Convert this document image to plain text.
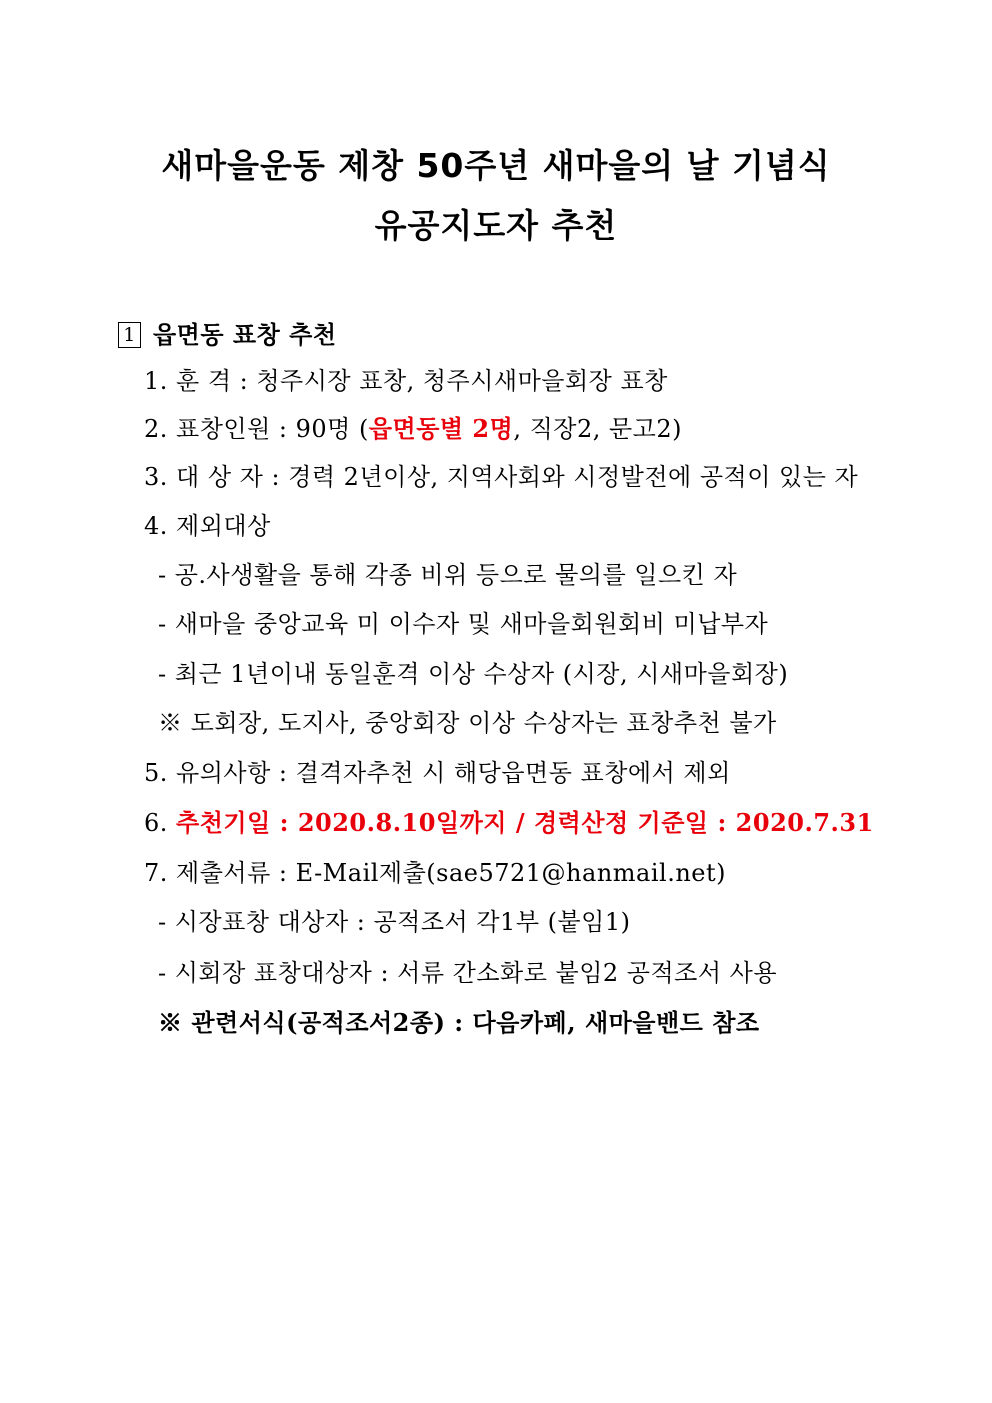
새마을운동 제창 50주년 새마을의 날 기념식
유공지도자 추천
1 읍면동 표창 추천
1. 훈 격 : 청주시장 표창, 청주시새마을회장 표창
2. 표창인원 : 90명 (읍면동별 2명, 직장2, 문고2)
3. 대 상 자 : 경력 2년이상, 지역사회와 시정발전에 공적이 있는 자
4. 제외대상
- 공.사생활을 통해 각종 비위 등으로 물의를 일으킨 자
- 새마을 중앙교육 미 이수자 및 새마을회원회비 미납부자
- 최근 1년이내 동일훈격 이상 수상자 (시장, 시새마을회장)
※ 도회장, 도지사, 중앙회장 이상 수상자는 표창추천 불가
5. 유의사항 : 결격자추천 시 해당읍면동 표창에서 제외
6. 추천기일 : 2020.8.10일까지 / 경력산정 기준일 : 2020.7.31
7. 제출서류 : E-Mail제출(sae5721@hanmail.net)
- 시장표창 대상자 : 공적조서 각1부 (붙임1)
- 시회장 표창대상자 : 서류 간소화로 붙임2 공적조서 사용
※ 관련서식(공적조서2종) : 다음카페, 새마을밴드 참조
